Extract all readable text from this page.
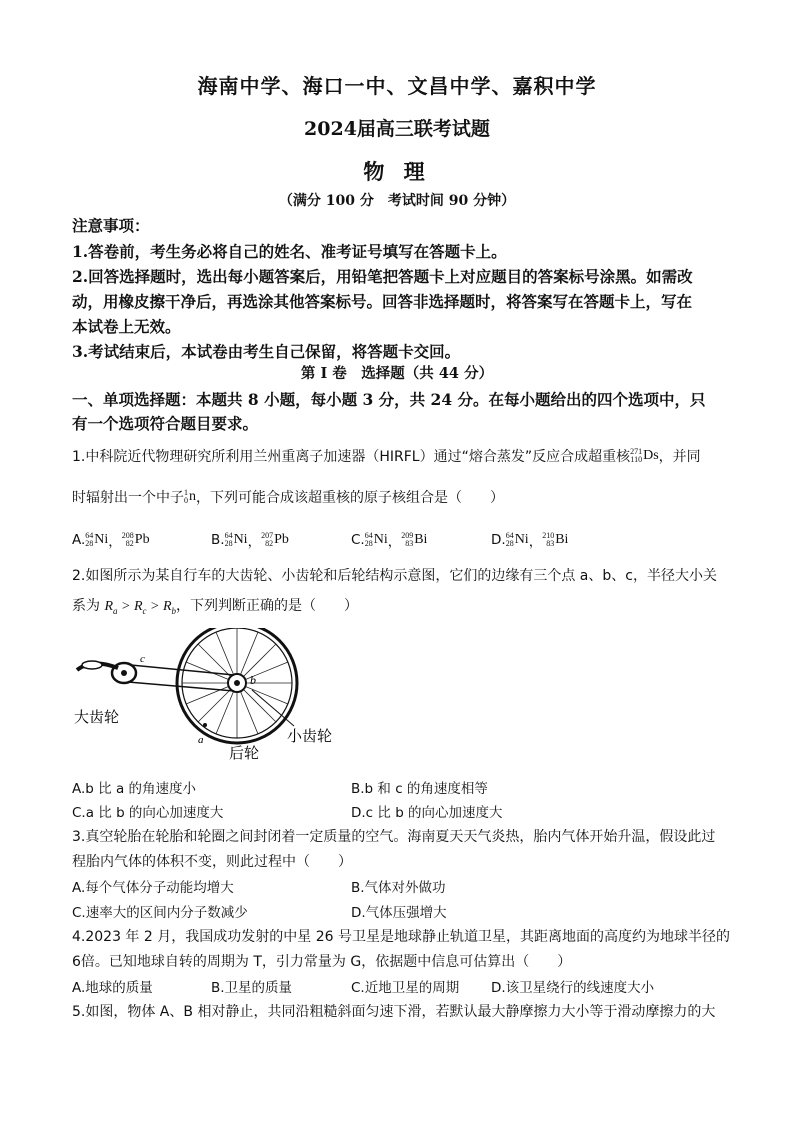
海南中学、海口一中、文昌中学、嘉积中学
2024届高三联考试题
物 理
（满分 100 分　考试时间 90 分钟）
注意事项：
1.答卷前，考生务必将自己的姓名、准考证号填写在答题卡上。
2.回答选择题时，选出每小题答案后，用铅笔把答题卡上对应题目的答案标号涂黑。如需改
动，用橡皮擦干净后，再选涂其他答案标号。回答非选择题时，将答案写在答题卡上，写在
本试卷上无效。
3.考试结束后，本试卷由考生自己保留，将答题卡交回。
第 I 卷　选择题（共 44 分）
一、单项选择题：本题共 8 小题，每小题 3 分，共 24 分。在每小题给出的四个选项中，只
有一个选项符合题目要求。
1.中科院近代物理研究所利用兰州重离子加速器（HIRFL）通过“熔合蒸发”反应合成超重核 271
110 Ds ，并同
时辐射出一个中子 1
0 n ，下列可能合成该超重核的原子核组合是（　　）
A. 64
28 Ni ， 208
82 Pb	B. 64
28 Ni ， 207
82 Pb	C. 64
28 Ni ， 209
83 Bi	D. 64
28 Ni ， 210
83 Bi
2.如图所示为某自行车的大齿轮、小齿轮和后轮结构示意图，它们的边缘有三个点 a、b、c，半径大小关
系为 $R_a > R_c > R_b$，下列判断正确的是（　　）
c
b
a
大齿轮
小齿轮
后轮
A.b 比 a 的角速度小	B.b 和 c 的角速度相等
C.a 比 b 的向心加速度大	D.c 比 b 的向心加速度大
3.真空轮胎在轮胎和轮圈之间封闭着一定质量的空气。海南夏天天气炎热，胎内气体开始升温，假设此过
程胎内气体的体积不变，则此过程中（　　）
A.每个气体分子动能均增大	B.气体对外做功
C.速率大的区间内分子数减少	D.气体压强增大
4.2023 年 2 月，我国成功发射的中星 26 号卫星是地球静止轨道卫星，其距离地面的高度约为地球半径的
6倍。已知地球自转的周期为 T，引力常量为 G，依据题中信息可估算出（　　）
A.地球的质量	B.卫星的质量	C.近地卫星的周期 D.该卫星绕行的线速度大小
5.如图，物体 A、B 相对静止，共同沿粗糙斜面匀速下滑，若默认最大静摩擦力大小等于滑动摩擦力的大
